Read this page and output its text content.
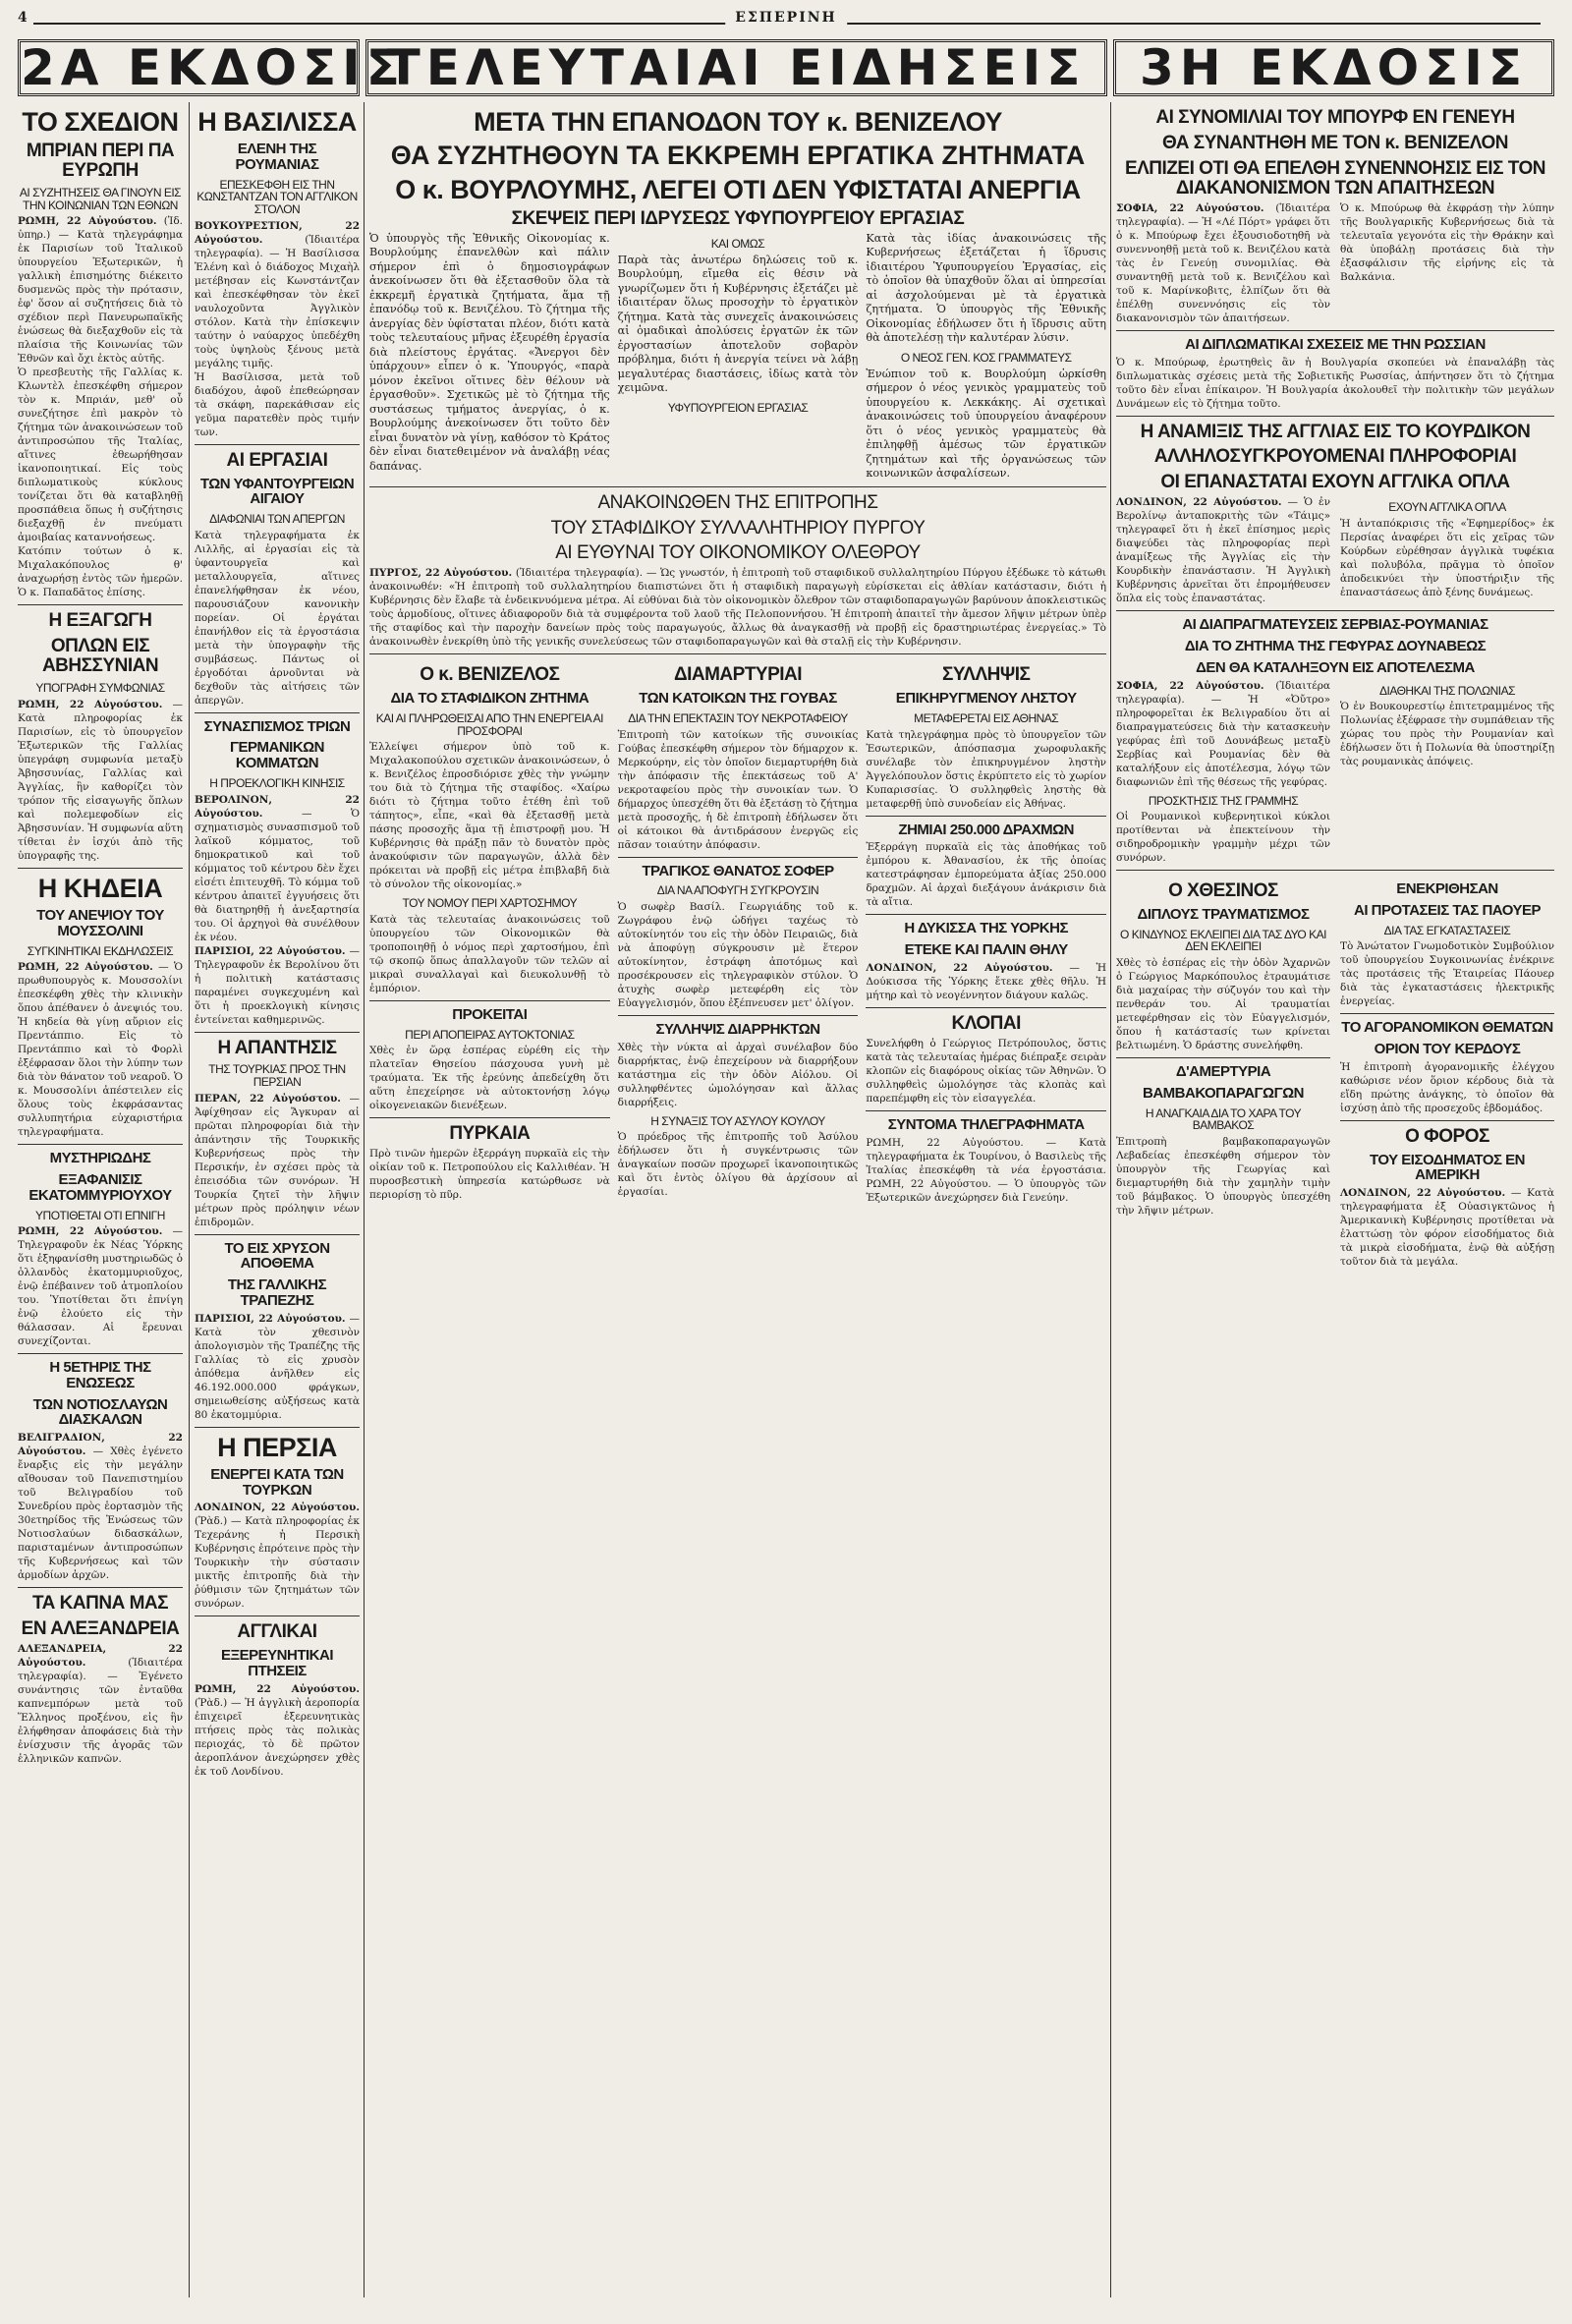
4	ΕΣΠΕΡΙΝΗ
2Α ΕΚΔΟΣΙΣ
ΤΕΛΕΥΤΑΙΑΙ ΕΙΔΗΣΕΙΣ	3Η ΕΚΔΟΣΙΣ
ΤΟ ΣΧΕΔΙΟΝ
ΜΠΡΙΑΝ ΠΕΡΙ ΠΑ ΕΥΡΩΠΗ
ΑΙ ΣΥΖΗΤΗΣΕΙΣ ΘΑ ΓΙΝΟΥΝ ΕΙΣ ΤΗΝ ΚΟΙΝΩΝΙΑΝ ΤΩΝ ΕΘΝΩΝ

ΡΩΜΗ, 22 Αὐγούστου. (Ἰδ. ὑπηρ.) — Κατὰ τηλεγράφημα ἐκ Παρισίων τοῦ Ἰταλικοῦ ὑπουργείου Ἐξωτερικῶν, ἡ γαλλικὴ ἐπισημότης διέκειτο δυσμενῶς πρὸς τὴν πρότασιν, ἐφ' ὅσον αἱ συζητήσεις διὰ τὸ σχέδιον περὶ Πανευρωπαϊκῆς ἑνώσεως θὰ διεξαχθοῦν εἰς τὰ πλαίσια τῆς Κοινωνίας τῶν Ἐθνῶν καὶ ὄχι ἐκτὸς αὐτῆς.

Ὁ πρεσβευτὴς τῆς Γαλλίας κ. Κλωντὲλ ἐπεσκέφθη σήμερον τὸν κ. Μπριάν, μεθ' οὗ συνεζήτησε ἐπὶ μακρὸν τὸ ζήτημα τῶν ἀνακοινώσεων τοῦ ἀντιπροσώπου τῆς Ἰταλίας, αἵτινες ἐθεωρήθησαν ἱκανοποιητικαί. Εἰς τοὺς διπλωματικοὺς κύκλους τονίζεται ὅτι θὰ καταβληθῇ προσπάθεια ὅπως ἡ συζήτησις διεξαχθῇ ἐν πνεύματι ἀμοιβαίας καταννοήσεως.

Κατόπιν τούτων ὁ κ. Μιχαλακόπουλος θ' ἀναχωρήσῃ ἐντὸς τῶν ἡμερῶν. Ὁ κ. Παπαδᾶτος ἐπίσης.

Η ΕΞΑΓΩΓΗ
ΟΠΛΩΝ ΕΙΣ ΑΒΗΣΣΥΝΙΑΝ
ΥΠΟΓΡΑΦΗ ΣΥΜΦΩΝΙΑΣ

ΡΩΜΗ, 22 Αὐγούστου. — Κατὰ πληροφορίας ἐκ Παρισίων, εἰς τὸ ὑπουργεῖον Ἐξωτερικῶν τῆς Γαλλίας ὑπεγράφη συμφωνία μεταξὺ Ἀβησσυνίας, Γαλλίας καὶ Ἀγγλίας, ἣν καθορίζει τὸν τρόπον τῆς εἰσαγωγῆς ὅπλων καὶ πολεμεφοδίων εἰς Ἀβησσυνίαν. Ἡ συμφωνία αὕτη τίθεται ἐν ἰσχύι ἀπὸ τῆς ὑπογραφῆς της.

Η ΚΗΔΕΙΑ
ΤΟΥ ΑΝΕΨΙΟΥ ΤΟΥ ΜΟΥΣΣΟΛΙΝΙ
ΣΥΓΚΙΝΗΤΙΚΑΙ ΕΚΔΗΛΩΣΕΙΣ

ΡΩΜΗ, 22 Αὐγούστου. — Ὁ πρωθυπουργὸς κ. Μουσσολίνι ἐπεσκέφθη χθὲς τὴν κλινικὴν ὅπου ἀπέθανεν ὁ ἀνεψιός του. Ἡ κηδεία θὰ γίνῃ αὔριον εἰς Πρεντάππιο. Εἰς τὸ Πρεντάππιο καὶ τὸ Φορλὶ ἐξέφρασαν ὅλοι τὴν λύπην των διὰ τὸν θάνατον τοῦ νεαροῦ. Ὁ κ. Μουσσολίνι ἀπέστειλεν εἰς ὅλους τοὺς ἐκφράσαντας συλλυπητήρια εὐχαριστήρια τηλεγραφήματα.

ΜΥΣΤΗΡΙΩΔΗΣ
ΕΞΑΦΑΝΙΣΙΣ ΕΚΑΤΟΜΜΥΡΙΟΥΧΟΥ
ΥΠΟΤΙΘΕΤΑΙ ΟΤΙ ΕΠΝΙΓΗ

ΡΩΜΗ, 22 Αὐγούστου. — Τηλεγραφοῦν ἐκ Νέας Ὑόρκης ὅτι ἐξηφανίσθη μυστηριωδῶς ὁ ὁλλανδὸς ἑκατομμυριοῦχος, ἐνῷ ἐπέβαινεν τοῦ ἀτμοπλοίου του. Ὑποτίθεται ὅτι ἐπνίγη ἐνῷ ἐλούετο εἰς τὴν θάλασσαν. Αἱ ἔρευναι συνεχίζονται.

Η 5ΕΤΗΡΙΣ ΤΗΣ ΕΝΩΣΕΩΣ
ΤΩΝ ΝΟΤΙΟΣΛΑΥΩΝ ΔΙΑΣΚΑΛΩΝ

ΒΕΛΙΓΡΑΔΙΟΝ, 22 Αὐγούστου. — Χθὲς ἐγένετο ἔναρξις εἰς τὴν μεγάλην αἴθουσαν τοῦ Πανεπιστημίου τοῦ Βελιγραδίου τοῦ Συνεδρίου πρὸς ἑορτασμὸν τῆς 30ετηρίδος τῆς Ἑνώσεως τῶν Νοτιοσλαύων διδασκάλων, παρισταμένων ἀντιπροσώπων τῆς Κυβερνήσεως καὶ τῶν ἁρμοδίων ἀρχῶν.

ΤΑ ΚΑΠΝΑ ΜΑΣ
ΕΝ ΑΛΕΞΑΝΔΡΕΙΑ

ΑΛΕΞΑΝΔΡΕΙΑ, 22 Αὐγούστου.	(Ἰδιαιτέρα τηλεγραφία). — Ἐγένετο συνάντησις τῶν ἐνταῦθα καπνεμπόρων μετὰ τοῦ Ἕλληνος προξένου, εἰς ἣν ἐλήφθησαν ἀποφάσεις διὰ τὴν ἐνίσχυσιν τῆς ἀγορᾶς τῶν ἑλληνικῶν καπνῶν.

Η ΒΑΣΙΛΙΣΣΑ
ΕΛΕΝΗ ΤΗΣ ΡΟΥΜΑΝΙΑΣ
ΕΠΕΣΚΕΦΘΗ ΕΙΣ ΤΗΝ ΚΩΝΣΤΑΝΤΖΑΝ ΤΟΝ ΑΓΓΛΙΚΟΝ ΣΤΟΛΟΝ

ΒΟΥΚΟΥΡΕΣΤΙΟΝ, 22 Αὐγούστου.	(Ἰδιαιτέρα τηλεγραφία). — Ἡ Βασίλισσα Ἑλένη καὶ ὁ διάδοχος Μιχαὴλ μετέβησαν εἰς Κωνστάντζαν καὶ ἐπεσκέφθησαν τὸν ἐκεῖ ναυλοχοῦντα Ἀγγλικὸν στόλον. Κατὰ τὴν ἐπίσκεψιν ταύτην ὁ ναύαρχος ὑπεδέχθη τοὺς ὑψηλοὺς ξένους μετὰ μεγάλης τιμῆς.

Ἡ Βασίλισσα, μετὰ τοῦ διαδόχου, ἀφοῦ ἐπεθεώρησαν τὰ σκάφη, παρεκάθισαν εἰς γεῦμα παρατεθὲν πρὸς τιμήν των.

ΑΙ ΕΡΓΑΣΙΑΙ
ΤΩΝ ΥΦΑΝΤΟΥΡΓΕΙΩΝ ΑΙΓΑΙΟΥ
ΔΙΑΦΩΝΙΑΙ ΤΩΝ ΑΠΕΡΓΩΝ

Κατὰ τηλεγραφήματα ἐκ Λιλλῆς, αἱ ἐργασίαι εἰς τὰ ὑφαντουργεῖα καὶ μεταλλουργεῖα, αἵτινες ἐπανελήφθησαν ἐκ νέου, παρουσιάζουν κανονικὴν πορείαν. Οἱ ἐργάται ἐπανήλθον εἰς τὰ ἐργοστάσια μετὰ τὴν ὑπογραφὴν τῆς συμβάσεως. Πάντως οἱ ἐργοδόται ἀρνοῦνται νὰ δεχθοῦν τὰς αἰτήσεις τῶν ἀπεργῶν.

ΣΥΝΑΣΠΙΣΜΟΣ ΤΡΙΩΝ
ΓΕΡΜΑΝΙΚΩΝ ΚΟΜΜΑΤΩΝ
Η ΠΡΟΕΚΛΟΓΙΚΗ ΚΙΝΗΣΙΣ

ΒΕΡΟΛΙΝΟΝ, 22 Αὐγούστου.	— Ὁ σχηματισμὸς συνασπισμοῦ τοῦ λαϊκοῦ κόμματος, τοῦ δημοκρατικοῦ καὶ τοῦ κόμματος τοῦ κέντρου δὲν ἔχει εἰσέτι ἐπιτευχθῆ. Τὸ κόμμα τοῦ κέντρου ἀπαιτεῖ ἐγγυήσεις ὅτι θὰ διατηρηθῇ ἡ ἀνεξαρτησία του. Οἱ ἀρχηγοὶ θὰ συνέλθουν ἐκ νέου.

ΠΑΡΙΣΙΟΙ, 22 Αὐγούστου. — Τηλεγραφοῦν ἐκ Βερολίνου ὅτι ἡ πολιτικὴ κατάστασις παραμένει συγκεχυμένη καὶ ὅτι ἡ προεκλογικὴ κίνησις ἐντείνεται καθημερινῶς.

Η ΑΠΑΝΤΗΣΙΣ
ΤΗΣ ΤΟΥΡΚΙΑΣ ΠΡΟΣ ΤΗΝ ΠΕΡΣΙΑΝ

ΠΕΡΑΝ, 22 Αὐγούστου. — Ἀφίχθησαν εἰς Ἄγκυραν αἱ πρῶται πληροφορίαι διὰ τὴν ἀπάντησιν τῆς Τουρκικῆς Κυβερνήσεως πρὸς τὴν Περσικήν, ἐν σχέσει πρὸς τὰ ἐπεισόδια τῶν συνόρων. Ἡ Τουρκία ζητεῖ τὴν λῆψιν μέτρων πρὸς πρόληψιν νέων ἐπιδρομῶν.

ΤΟ ΕΙΣ ΧΡΥΣΟΝ ΑΠΟΘΕΜΑ
ΤΗΣ ΓΑΛΛΙΚΗΣ ΤΡΑΠΕΖΗΣ

ΠΑΡΙΣΙΟΙ, 22 Αὐγούστου. — Κατὰ τὸν χθεσινὸν ἀπολογισμὸν τῆς Τραπέζης τῆς Γαλλίας τὸ εἰς χρυσὸν ἀπόθεμα ἀνῆλθεν εἰς 46.192.000.000 φράγκων, σημειωθείσης αὐξήσεως κατὰ 80 ἑκατομμύρια.

Η ΠΕΡΣΙΑ
ΕΝΕΡΓΕΙ ΚΑΤΑ ΤΩΝ ΤΟΥΡΚΩΝ

ΛΟΝΔΙΝΟΝ, 22 Αὐγούστου. (Ῥὰδ.) — Κατὰ πληροφορίας ἐκ Τεχεράνης ἡ Περσικὴ Κυβέρνησις ἐπρότεινε πρὸς τὴν Τουρκικὴν τὴν σύστασιν μικτῆς ἐπιτροπῆς διὰ τὴν ῥύθμισιν τῶν ζητημάτων τῶν συνόρων.

ΑΓΓΛΙΚΑΙ
ΕΞΕΡΕΥΝΗΤΙΚΑΙ ΠΤΗΣΕΙΣ

ΡΩΜΗ, 22 Αὐγούστου. (Ῥὰδ.) — Ἡ ἀγγλικὴ ἀεροπορία ἐπιχειρεῖ ἐξερευνητικὰς πτήσεις πρὸς τὰς πολικὰς περιοχάς, τὸ δὲ πρῶτον ἀεροπλάνον ἀνεχώρησεν χθὲς ἐκ τοῦ Λονδίνου.

ΜΕΤΑ ΤΗΝ ΕΠΑΝΟΔΟΝ ΤΟΥ κ. ΒΕΝΙΖΕΛΟΥ
ΘΑ ΣΥΖΗΤΗΘΟΥΝ ΤΑ ΕΚΚΡΕΜΗ ΕΡΓΑΤΙΚΑ ΖΗΤΗΜΑΤΑ
Ο κ. ΒΟΥΡΛΟΥΜΗΣ, ΛΕΓΕΙ ΟΤΙ ΔΕΝ ΥΦΙΣΤΑΤΑΙ ΑΝΕΡΓΙΑ
ΣΚΕΨΕΙΣ ΠΕΡΙ ΙΔΡΥΣΕΩΣ ΥΦΥΠΟΥΡΓΕΙΟΥ ΕΡΓΑΣΙΑΣ

Ὁ ὑπουργὸς τῆς Ἐθνικῆς Οἰκονομίας κ. Βουρλούμης ἐπανελθὼν καὶ πάλιν σήμερον ἐπὶ ὁ δημοσιογράφων ἀνεκοίνωσεν ὅτι θὰ ἐξετασθοῦν ὅλα τὰ ἐκκρεμῆ ἐργατικὰ ζητήματα, ἅμα τῇ ἐπανόδῳ τοῦ κ. Βενιζέλου. Τὸ ζήτημα τῆς ἀνεργίας δὲν ὑφίσταται πλέον, διότι κατὰ τοὺς τελευταίους μῆνας ἐξευρέθη ἐργασία διὰ πλείστους ἐργάτας. «Ἄνεργοι δὲν ὑπάρχουν» εἶπεν ὁ κ. Ὑπουργός, «παρὰ μόνον ἐκεῖνοι οἵτινες δὲν θέλουν νὰ ἐργασθοῦν». Σχετικῶς μὲ τὸ ζήτημα τῆς συστάσεως τμήματος ἀνεργίας, ὁ κ. Βουρλούμης ἀνεκοίνωσεν ὅτι τοῦτο δὲν εἶναι δυνατὸν νὰ γίνῃ, καθόσον τὸ Κράτος δὲν εἶναι διατεθειμένον νὰ ἀναλάβῃ νέας δαπάνας.

ΚΑΙ ΟΜΩΣ

Παρὰ τὰς ἀνωτέρω δηλώσεις τοῦ κ. Βουρλούμη, εἴμεθα εἰς θέσιν νὰ γνωρίζωμεν ὅτι ἡ Κυβέρνησις ἐξετάζει μὲ ἰδιαιτέραν ὅλως προσοχὴν τὸ ἐργατικὸν ζήτημα. Κατὰ τὰς συνεχεῖς ἀνακοινώσεις αἱ ὁμαδικαὶ ἀπολύσεις ἐργατῶν ἐκ τῶν ἐργοστασίων ἀποτελοῦν σοβαρὸν πρόβλημα, διότι ἡ ἀνεργία τείνει νὰ λάβῃ μεγαλυτέρας διαστάσεις, ἰδίως κατὰ τὸν χειμῶνα.

ΥΦΥΠΟΥΡΓΕΙΟΝ ΕΡΓΑΣΙΑΣ

Κατὰ τὰς ἰδίας ἀνακοινώσεις τῆς Κυβερνήσεως ἐξετάζεται ἡ ἵδρυσις ἰδιαιτέρου Ὑφυπουργείου Ἐργασίας, εἰς τὸ ὁποῖον θὰ ὑπαχθοῦν ὅλαι αἱ ὑπηρεσίαι αἱ ἀσχολούμεναι μὲ τὰ ἐργατικὰ ζητήματα. Ὁ ὑπουργὸς τῆς Ἐθνικῆς Οἰκονομίας ἐδήλωσεν ὅτι ἡ ἵδρυσις αὕτη θὰ ἀποτελέσῃ τὴν καλυτέραν λύσιν.

Ο ΝΕΟΣ ΓΕΝ. ΚΟΣ ΓΡΑΜΜΑΤΕΥΣ

Ἐνώπιον τοῦ κ. Βουρλούμη ὡρκίσθη σήμερον ὁ νέος γενικὸς γραμματεὺς τοῦ ὑπουργείου κ. Λεκκάκης. Αἱ σχετικαὶ ἀνακοινώσεις τοῦ ὑπουργείου ἀναφέρουν ὅτι ὁ νέος γενικὸς γραμματεὺς θὰ ἐπιληφθῇ ἀμέσως τῶν ἐργατικῶν ζητημάτων καὶ τῆς ὀργανώσεως τῶν κοινωνικῶν ἀσφαλίσεων.

ΑΝΑΚΟΙΝΩΘΕΝ ΤΗΣ ΕΠΙΤΡΟΠΗΣ
ΤΟΥ ΣΤΑΦΙΔΙΚΟΥ ΣΥΛΛΑΛΗΤΗΡΙΟΥ ΠΥΡΓΟΥ
ΑΙ ΕΥΘΥΝΑΙ ΤΟΥ ΟΙΚΟΝΟΜΙΚΟΥ ΟΛΕΘΡΟΥ

ΠΥΡΓΟΣ, 22 Αὐγούστου. (Ἰδιαιτέρα τηλεγραφία). — Ὡς γνωστόν, ἡ ἐπιτροπὴ τοῦ σταφιδικοῦ συλλαλητηρίου Πύργου ἐξέδωκε τὸ κάτωθι ἀνακοινωθέν: «Ἡ ἐπιτροπὴ τοῦ συλλαλητηρίου διαπιστώνει ὅτι ἡ σταφιδικὴ παραγωγὴ εὑρίσκεται εἰς ἀθλίαν κατάστασιν, διότι ἡ Κυβέρνησις δὲν ἔλαβε τὰ ἐνδεικνυόμενα μέτρα. Αἱ εὐθύναι διὰ τὸν οἰκονομικὸν ὄλεθρον τῶν σταφιδοπαραγωγῶν βαρύνουν ἀποκλειστικῶς τοὺς ἁρμοδίους, οἵτινες ἀδιαφοροῦν διὰ τὰ συμφέροντα τοῦ λαοῦ τῆς Πελοποννήσου. Ἡ ἐπιτροπὴ ἀπαιτεῖ τὴν ἄμεσον λῆψιν μέτρων ὑπὲρ τῆς σταφίδος καὶ τὴν παροχὴν δανείων πρὸς τοὺς παραγωγούς, ἄλλως θὰ ἀναγκασθῇ νὰ προβῇ εἰς δραστηριωτέρας ἐνεργείας.» Τὸ ἀνακοινωθὲν ἐνεκρίθη ὑπὸ τῆς γενικῆς συνελεύσεως τῶν σταφιδοπαραγωγῶν καὶ θὰ σταλῇ εἰς τὴν Κυβέρνησιν.

Ο κ. ΒΕΝΙΖΕΛΟΣ
ΔΙΑ ΤΟ ΣΤΑΦΙΔΙΚΟΝ ΖΗΤΗΜΑ
ΚΑΙ ΑΙ ΠΛΗΡΩΘΕΙΣΑΙ ΑΠΟ ΤΗΝ ΕΝΕΡΓΕΙΑ ΑΙ ΠΡΟΣΦΟΡΑΙ

Ἐλλείψει σήμερον ὑπὸ τοῦ κ. Μιχαλακοπούλου σχετικῶν ἀνακοινώσεων, ὁ κ. Βενιζέλος ἐπροσδιόρισε χθὲς τὴν γνώμην του διὰ τὸ ζήτημα τῆς σταφίδος. «Χαίρω διότι τὸ ζήτημα τοῦτο ἐτέθη ἐπὶ τοῦ τάπητος», εἶπε, «καὶ θὰ ἐξετασθῇ μετὰ πάσης προσοχῆς ἅμα τῇ ἐπιστροφῇ μου. Ἡ Κυβέρνησις θὰ πράξῃ πᾶν τὸ δυνατὸν πρὸς ἀνακούφισιν τῶν παραγωγῶν, ἀλλὰ δὲν πρόκειται νὰ προβῇ εἰς μέτρα ἐπιβλαβῆ διὰ τὸ σύνολον τῆς οἰκονομίας.»

ΤΟΥ ΝΟΜΟΥ ΠΕΡΙ ΧΑΡΤΟΣΗΜΟΥ

Κατὰ τὰς τελευταίας ἀνακοινώσεις τοῦ ὑπουργείου τῶν Οἰκονομικῶν θὰ τροποποιηθῇ ὁ νόμος περὶ χαρτοσήμου, ἐπὶ τῷ σκοπῷ ὅπως ἀπαλλαγοῦν τῶν τελῶν αἱ μικραὶ συναλλαγαὶ καὶ διευκολυνθῇ τὸ ἐμπόριον.

ΠΡΟΚΕΙΤΑΙ
ΠΕΡΙ ΑΠΟΠΕΙΡΑΣ ΑΥΤΟΚΤΟΝΙΑΣ

Χθὲς ἐν ὥρᾳ ἑσπέρας εὑρέθη εἰς τὴν πλατεῖαν Θησείου πάσχουσα γυνὴ μὲ τραύματα. Ἐκ τῆς ἐρεύνης ἀπεδείχθη ὅτι αὕτη ἐπεχείρησε νὰ αὐτοκτονήσῃ λόγῳ οἰκογενειακῶν διενέξεων.

ΠΥΡΚΑΙΑ

Πρὸ τινῶν ἡμερῶν ἐξερράγη πυρκαϊὰ εἰς τὴν οἰκίαν τοῦ κ. Πετροπούλου εἰς Καλλιθέαν. Ἡ πυροσβεστικὴ ὑπηρεσία κατώρθωσε νὰ περιορίσῃ τὸ πῦρ.

ΔΙΑΜΑΡΤΥΡΙΑΙ
ΤΩΝ ΚΑΤΟΙΚΩΝ ΤΗΣ ΓΟΥΒΑΣ
ΔΙΑ ΤΗΝ ΕΠΕΚΤΑΣΙΝ ΤΟΥ ΝΕΚΡΟΤΑΦΕΙΟΥ

Ἐπιτροπὴ τῶν κατοίκων τῆς συνοικίας Γούβας ἐπεσκέφθη σήμερον τὸν δήμαρχον κ. Μερκούρην, εἰς τὸν ὁποῖον διεμαρτυρήθη διὰ τὴν ἀπόφασιν τῆς ἐπεκτάσεως τοῦ Α' νεκροταφείου πρὸς τὴν συνοικίαν των. Ὁ δήμαρχος ὑπεσχέθη ὅτι θὰ ἐξετάσῃ τὸ ζήτημα μετὰ προσοχῆς, ἡ δὲ ἐπιτροπὴ ἐδήλωσεν ὅτι οἱ κάτοικοι θὰ ἀντιδράσουν ἐνεργῶς εἰς πᾶσαν τοιαύτην ἀπόφασιν.

ΤΡΑΓΙΚΟΣ ΘΑΝΑΤΟΣ ΣΟΦΕΡ
ΔΙΑ ΝΑ ΑΠΟΦΥΓΗ ΣΥΓΚΡΟΥΣΙΝ

Ὁ σωφὲρ Βασίλ. Γεωργιάδης τοῦ κ. Ζωγράφου ἐνῷ ὡδήγει ταχέως τὸ αὐτοκίνητόν του εἰς τὴν ὁδὸν Πειραιῶς, διὰ νὰ ἀποφύγῃ σύγκρουσιν μὲ ἕτερον αὐτοκίνητον, ἐστράφη ἀποτόμως καὶ προσέκρουσεν εἰς τηλεγραφικὸν στύλον. Ὁ ἀτυχὴς σωφὲρ μετεφέρθη εἰς τὸν Εὐαγγελισμόν, ὅπου ἐξέπνευσεν μετ' ὀλίγον.

ΣΥΛΛΗΨΙΣ ΔΙΑΡΡΗΚΤΩΝ

Χθὲς τὴν νύκτα αἱ ἀρχαὶ συνέλαβον δύο διαρρήκτας, ἐνῷ ἐπεχείρουν νὰ διαρρήξουν κατάστημα εἰς τὴν ὁδὸν Αἰόλου. Οἱ συλληφθέντες ὡμολόγησαν καὶ ἄλλας διαρρήξεις.

Η ΣΥΝΑΞΙΣ ΤΟΥ ΑΣΥΛΟΥ ΚΟΥΛΟΥ

Ὁ πρόεδρος τῆς ἐπιτροπῆς τοῦ Ἀσύλου ἐδήλωσεν ὅτι ἡ συγκέντρωσις τῶν ἀναγκαίων ποσῶν προχωρεῖ ἱκανοποιητικῶς καὶ ὅτι ἐντὸς ὀλίγου θὰ ἀρχίσουν αἱ ἐργασίαι.

ΣΥΛΛΗΨΙΣ
ΕΠΙΚΗΡΥΓΜΕΝΟΥ ΛΗΣΤΟΥ
ΜΕΤΑΦΕΡΕΤΑΙ ΕΙΣ ΑΘΗΝΑΣ

Κατὰ τηλεγράφημα πρὸς τὸ ὑπουργεῖον τῶν Ἐσωτερικῶν, ἀπόσπασμα χωροφυλακῆς συνέλαβε τὸν ἐπικηρυγμένον ληστὴν Ἀγγελόπουλον ὅστις ἐκρύπτετο εἰς τὸ χωρίον Κυπαρισσίας. Ὁ συλληφθεὶς ληστὴς θὰ μεταφερθῇ ὑπὸ συνοδείαν εἰς Ἀθήνας.

ΖΗΜΙΑΙ 250.000 ΔΡΑΧΜΩΝ

Ἐξερράγη πυρκαϊὰ εἰς τὰς ἀποθήκας τοῦ ἐμπόρου κ. Ἀθανασίου, ἐκ τῆς ὁποίας κατεστράφησαν ἐμπορεύματα ἀξίας 250.000 δραχμῶν. Αἱ ἀρχαὶ διεξάγουν ἀνάκρισιν διὰ τὰ αἴτια.

Η ΔΥΚΙΣΣΑ ΤΗΣ ΥΟΡΚΗΣ
ΕΤΕΚΕ ΚΑΙ ΠΑΛΙΝ ΘΗΛΥ

ΛΟΝΔΙΝΟΝ, 22 Αὐγούστου. — Ἡ Δούκισσα τῆς Ὑόρκης ἔτεκε χθὲς θῆλυ. Ἡ μήτηρ καὶ τὸ νεογέννητον διάγουν καλῶς.

ΚΛΟΠΑΙ

Συνελήφθη ὁ Γεώργιος Πετρόπουλος, ὅστις κατὰ τὰς τελευταίας ἡμέρας διέπραξε σειρὰν κλοπῶν εἰς διαφόρους οἰκίας τῶν Ἀθηνῶν. Ὁ συλληφθεὶς ὡμολόγησε τὰς κλοπὰς καὶ παρεπέμφθη εἰς τὸν εἰσαγγελέα.

ΣΥΝΤΟΜΑ ΤΗΛΕΓΡΑΦΗΜΑΤΑ

ΡΩΜΗ, 22 Αὐγούστου. — Κατὰ τηλεγραφήματα ἐκ Τουρίνου, ὁ Βασιλεὺς τῆς Ἰταλίας ἐπεσκέφθη τὰ νέα ἐργοστάσια. ΡΩΜΗ, 22 Αὐγούστου. — Ὁ ὑπουργὸς τῶν Ἐξωτερικῶν ἀνεχώρησεν διὰ Γενεύην.

ΑΙ ΣΥΝΟΜΙΛΙΑΙ ΤΟΥ ΜΠΟΥΡΦ ΕΝ ΓΕΝΕΥΗ
ΘΑ ΣΥΝΑΝΤΗΘΗ ΜΕ ΤΟΝ κ. ΒΕΝΙΖΕΛΟΝ
ΕΛΠΙΖΕΙ ΟΤΙ ΘΑ ΕΠΕΛΘΗ ΣΥΝΕΝΝΟΗΣΙΣ ΕΙΣ ΤΟΝ ΔΙΑΚΑΝΟΝΙΣΜΟΝ ΤΩΝ ΑΠΑΙΤΗΣΕΩΝ

ΣΟΦΙΑ, 22 Αὐγούστου. (Ἰδιαιτέρα τηλεγραφία). — Ἡ «Λέ Πόρτ» γράφει ὅτι ὁ κ. Μπούρωφ ἔχει ἐξουσιοδοτηθῆ νὰ συνεννοηθῇ μετὰ τοῦ κ. Βενιζέλου κατὰ τὰς ἐν Γενεύῃ συνομιλίας. Θὰ συναντηθῇ μετὰ τοῦ κ. Βενιζέλου καὶ τοῦ κ. Μαρίνκοβιτς, ἐλπίζων ὅτι θὰ ἐπέλθῃ συνεννόησις εἰς τὸν διακανονισμὸν τῶν ἀπαιτήσεων.

Ὁ κ. Μπούρωφ θὰ ἐκφράσῃ τὴν λύπην τῆς Βουλγαρικῆς Κυβερνήσεως διὰ τὰ τελευταῖα γεγονότα εἰς τὴν Θράκην καὶ θὰ ὑποβάλῃ προτάσεις διὰ τὴν ἐξασφάλισιν τῆς εἰρήνης εἰς τὰ Βαλκάνια.

ΑΙ ΔΙΠΛΩΜΑΤΙΚΑΙ ΣΧΕΣΕΙΣ ΜΕ ΤΗΝ ΡΩΣΣΙΑΝ

Ὁ κ. Μπούρωφ, ἐρωτηθεὶς ἂν ἡ Βουλγαρία σκοπεύει νὰ ἐπαναλάβῃ τὰς διπλωματικὰς σχέσεις μετὰ τῆς Σοβιετικῆς Ρωσσίας, ἀπήντησεν ὅτι τὸ ζήτημα τοῦτο δὲν εἶναι ἐπίκαιρον. Ἡ Βουλγαρία ἀκολουθεῖ τὴν πολιτικὴν τῶν μεγάλων Δυνάμεων εἰς τὸ ζήτημα τοῦτο.

Η ΑΝΑΜΙΞΙΣ ΤΗΣ ΑΓΓΛΙΑΣ ΕΙΣ ΤΟ ΚΟΥΡΔΙΚΟΝ
ΑΛΛΗΛΟΣΥΓΚΡΟΥΟΜΕΝΑΙ ΠΛΗΡΟΦΟΡΙΑΙ
ΟΙ ΕΠΑΝΑΣΤΑΤΑΙ ΕΧΟΥΝ ΑΓΓΛΙΚΑ ΟΠΛΑ

ΛΟΝΔΙΝΟΝ, 22 Αὐγούστου. — Ὁ ἐν Βερολίνῳ ἀνταποκριτὴς τῶν «Τάιμς» τηλεγραφεῖ ὅτι ἡ ἐκεῖ ἐπίσημος μερὶς διαψεύδει τὰς πληροφορίας περὶ ἀναμίξεως τῆς Ἀγγλίας εἰς τὴν Κουρδικὴν ἐπανάστασιν. Ἡ Ἀγγλικὴ Κυβέρνησις ἀρνεῖται ὅτι ἐπρομήθευσεν ὅπλα εἰς τοὺς ἐπαναστάτας.

ΕΧΟΥΝ ΑΓΓΛΙΚΑ ΟΠΛΑ

Ἡ ἀνταπόκρισις τῆς «Ἐφημερίδος» ἐκ Περσίας ἀναφέρει ὅτι εἰς χεῖρας τῶν Κούρδων εὑρέθησαν ἀγγλικὰ τυφέκια καὶ πολυβόλα, πρᾶγμα τὸ ὁποῖον ἀποδεικνύει τὴν ὑποστήριξιν τῆς ἐπαναστάσεως ἀπὸ ξένης δυνάμεως.

ΑΙ ΔΙΑΠΡΑΓΜΑΤΕΥΣΕΙΣ ΣΕΡΒΙΑΣ-ΡΟΥΜΑΝΙΑΣ
ΔΙΑ ΤΟ ΖΗΤΗΜΑ ΤΗΣ ΓΕΦΥΡΑΣ ΔΟΥΝΑΒΕΩΣ
ΔΕΝ ΘΑ ΚΑΤΑΛΗΞΟΥΝ ΕΙΣ ΑΠΟΤΕΛΕΣΜΑ

ΣΟΦΙΑ, 22 Αὐγούστου. (Ἰδιαιτέρα τηλεγραφία). — Ἡ «Ὀὔτρο» πληροφορεῖται ἐκ Βελιγραδίου ὅτι αἱ διαπραγματεύσεις διὰ τὴν κατασκευὴν γεφύρας ἐπὶ τοῦ Δουνάβεως μεταξὺ Σερβίας καὶ Ρουμανίας δὲν θὰ καταλήξουν εἰς ἀποτέλεσμα, λόγῳ τῶν διαφωνιῶν ἐπὶ τῆς θέσεως τῆς γεφύρας.

ΠΡΟΣΚΤΗΣΙΣ ΤΗΣ ΓΡΑΜΜΗΣ

Οἱ Ρουμανικοὶ κυβερνητικοὶ κύκλοι προτίθενται νὰ ἐπεκτείνουν τὴν σιδηροδρομικὴν γραμμὴν μέχρι τῶν συνόρων.

ΔΙΑΘΗΚΑΙ ΤΗΣ ΠΟΛΩΝΙΑΣ

Ὁ ἐν Βουκουρεστίῳ ἐπιτετραμμένος τῆς Πολωνίας ἐξέφρασε τὴν συμπάθειαν τῆς χώρας του πρὸς τὴν Ρουμανίαν καὶ ἐδήλωσεν ὅτι ἡ Πολωνία θὰ ὑποστηρίξῃ τὰς ρουμανικὰς ἀπόψεις.

Ο ΧΘΕΣΙΝΟΣ
ΔΙΠΛΟΥΣ ΤΡΑΥΜΑΤΙΣΜΟΣ
Ο ΚΙΝΔΥΝΟΣ ΕΚΛΕΙΠΕΙ ΔΙΑ ΤΑΣ ΔΥΟ ΚΑΙ ΔΕΝ ΕΚΛΕΙΠΕΙ

Χθὲς τὸ ἑσπέρας εἰς τὴν ὁδὸν Ἀχαρνῶν ὁ Γεώργιος Μαρκόπουλος ἐτραυμάτισε διὰ μαχαίρας τὴν σύζυγόν του καὶ τὴν πενθεράν του. Αἱ τραυματίαι μετεφέρθησαν εἰς τὸν Εὐαγγελισμόν, ὅπου ἡ κατάστασίς των κρίνεται βελτιωμένη. Ὁ δράστης συνελήφθη.

Δ'ΑΜΕΡΤΥΡΙΑ
ΒΑΜΒΑΚΟΠΑΡΑΓΩΓΩΝ
Η ΑΝΑΓΚΑΙΑ ΔΙΑ ΤΟ ΧΑΡΑ ΤΟΥ ΒΑΜΒΑΚΟΣ

Ἐπιτροπὴ βαμβακοπαραγωγῶν Λεβαδείας ἐπεσκέφθη σήμερον τὸν ὑπουργὸν τῆς Γεωργίας καὶ διεμαρτυρήθη διὰ τὴν χαμηλὴν τιμὴν τοῦ βάμβακος. Ὁ ὑπουργὸς ὑπεσχέθη τὴν λῆψιν μέτρων.

ΕΝΕΚΡΙΘΗΣΑΝ
ΑΙ ΠΡΟΤΑΣΕΙΣ ΤΑΣ ΠΑΟΥΕΡ
ΔΙΑ ΤΑΣ ΕΓΚΑΤΑΣΤΑΣΕΙΣ

Τὸ Ἀνώτατον Γνωμοδοτικὸν Συμβούλιον τοῦ ὑπουργείου Συγκοινωνίας ἐνέκρινε τὰς προτάσεις τῆς Ἑταιρείας Πάουερ διὰ τὰς ἐγκαταστάσεις ἠλεκτρικῆς ἐνεργείας.

ΤΟ ΑΓΟΡΑΝΟΜΙΚΟΝ ΘΕΜΑΤΩΝ
ΟΡΙΟΝ ΤΟΥ ΚΕΡΔΟΥΣ

Ἡ ἐπιτροπὴ ἀγορανομικῆς ἐλέγχου καθώρισε νέον ὅριον κέρδους διὰ τὰ εἴδη πρώτης ἀνάγκης, τὸ ὁποῖον θὰ ἰσχύσῃ ἀπὸ τῆς προσεχοῦς ἑβδομάδος.

Ο ΦΟΡΟΣ
ΤΟΥ ΕΙΣΟΔΗΜΑΤΟΣ ΕΝ ΑΜΕΡΙΚΗ

ΛΟΝΔΙΝΟΝ, 22 Αὐγούστου. — Κατὰ τηλεγραφήματα ἐξ Οὐασιγκτῶνος ἡ Ἀμερικανικὴ Κυβέρνησις προτίθεται νὰ ἐλαττώσῃ τὸν φόρον εἰσοδήματος διὰ τὰ μικρὰ εἰσοδήματα, ἐνῷ θὰ αὐξήσῃ τοῦτον διὰ τὰ μεγάλα.
